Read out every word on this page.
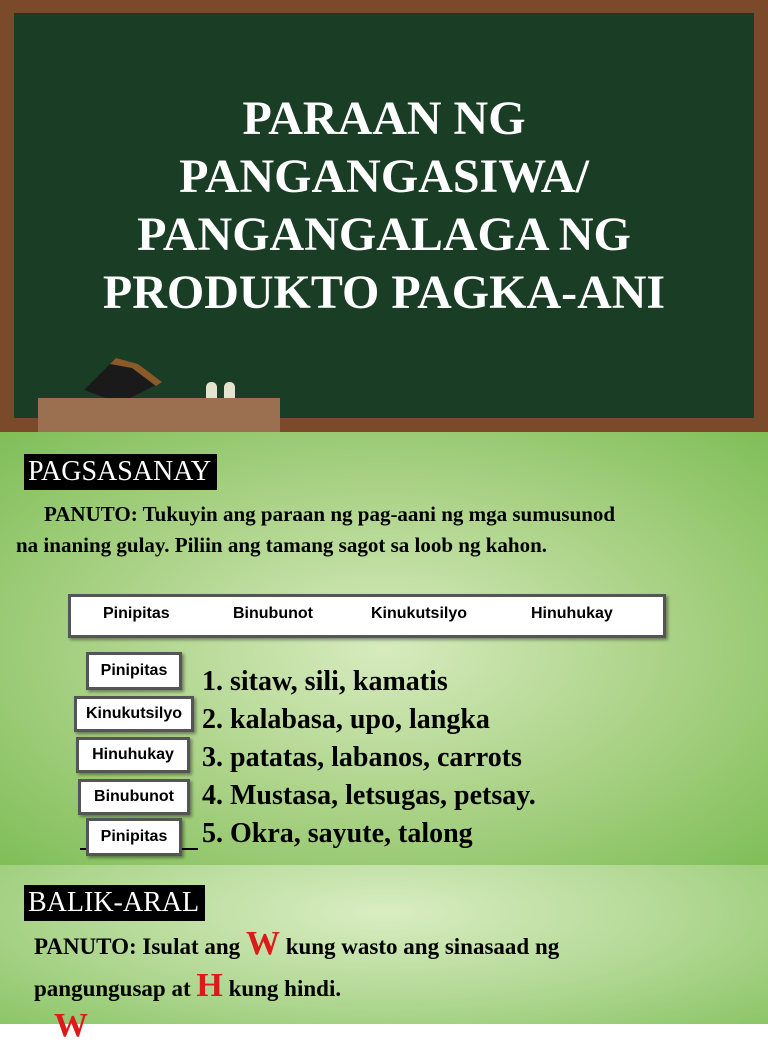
PARAAN NG
PANGANGASIWA/
PANGANGALAGA NG
PRODUKTO PAGKA-ANI
PAGSASANAY
PANUTO: Tukuyin ang paraan ng pag-aani ng mga sumusunod
na inaning gulay. Piliin ang tamang sagot sa loob ng kahon.
Pinipitas	Binubunot	Kinukutsilyo	Hinuhukay
Pinipitas
Kinukutsilyo
Hinuhukay
Binubunot
Pinipitas
1. sitaw, sili, kamatis
2. kalabasa, upo, langka
3. patatas, labanos, carrots
4. Mustasa, letsugas, petsay.
5. Okra, sayute, talong
BALIK-ARAL
PANUTO: Isulat ang W kung wasto ang sinasaad ng
pangungusap at H kung hindi.
W
